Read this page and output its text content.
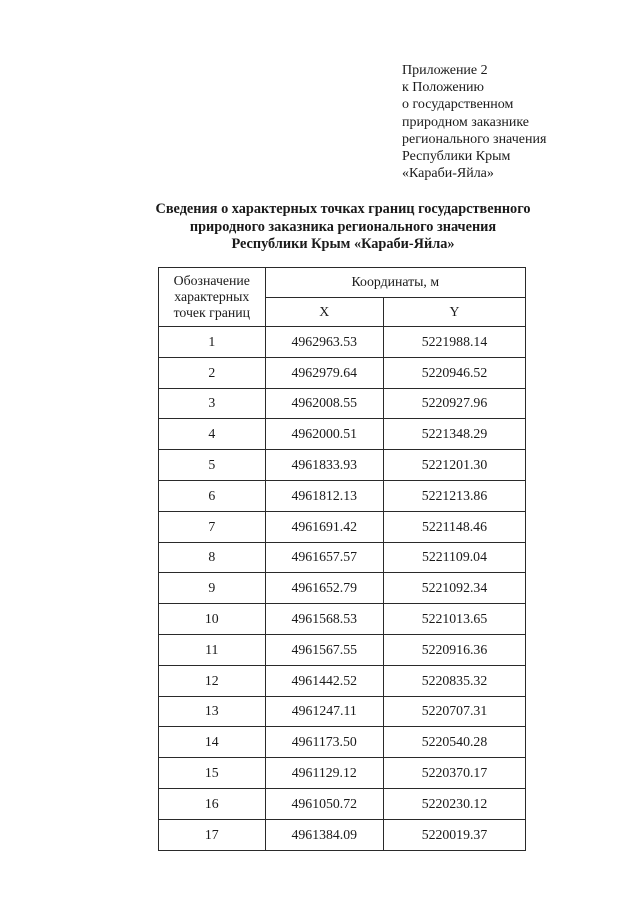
Приложение 2
к Положению
о государственном
природном заказнике
регионального значения
Республики Крым
«Караби-Яйла»
Сведения о характерных точках границ государственного
природного заказника регионального значения
Республики Крым «Караби-Яйла»
Обозначение
характерных
точек границ	Координаты, м	
	X	Y
1	4962963.53	5221988.14
2	4962979.64	5220946.52
3	4962008.55	5220927.96
4	4962000.51	5221348.29
5	4961833.93	5221201.30
6	4961812.13	5221213.86
7	4961691.42	5221148.46
8	4961657.57	5221109.04
9	4961652.79	5221092.34
10	4961568.53	5221013.65
11	4961567.55	5220916.36
12	4961442.52	5220835.32
13	4961247.11	5220707.31
14	4961173.50	5220540.28
15	4961129.12	5220370.17
16	4961050.72	5220230.12
17	4961384.09	5220019.37
